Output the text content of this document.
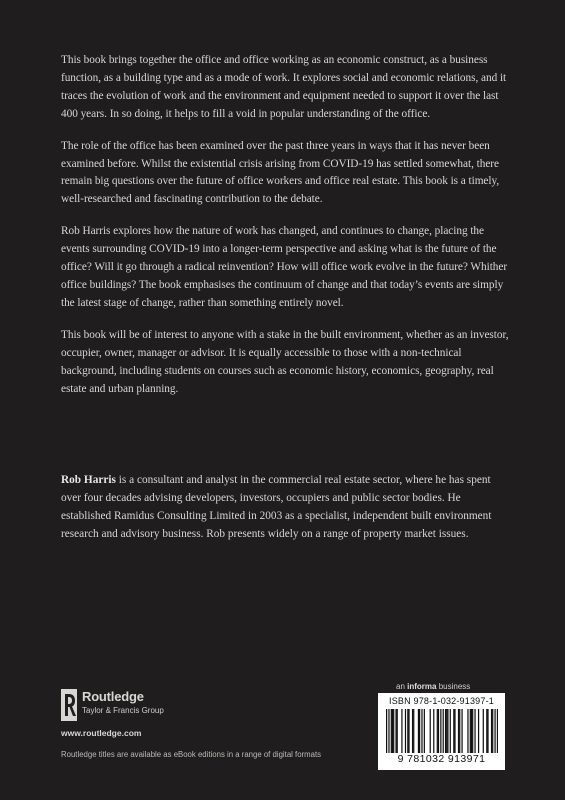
This book brings together the office and office working as an economic construct, as a business function, as a building type and as a mode of work. It explores social and economic relations, and it traces the evolution of work and the environment and equipment needed to support it over the last 400 years. In so doing, it helps to fill a void in popular understanding of the office.

The role of the office has been examined over the past three years in ways that it has never been examined before. Whilst the existential crisis arising from COVID-19 has settled somewhat, there remain big questions over the future of office workers and office real estate. This book is a timely, well-researched and fascinating contribution to the debate.

Rob Harris explores how the nature of work has changed, and continues to change, placing the events surrounding COVID-19 into a longer-term perspective and asking what is the future of the office? Will it go through a radical reinvention? How will office work evolve in the future? Whither office buildings? The book emphasises the continuum of change and that today’s events are simply the latest stage of change, rather than something entirely novel.

This book will be of interest to anyone with a stake in the built environment, whether as an investor, occupier, owner, manager or advisor. It is equally accessible to those with a non-technical background, including students on courses such as economic history, economics, geography, real estate and urban planning.

Rob Harris is a consultant and analyst in the commercial real estate sector, where he has spent over four decades advising developers, investors, occupiers and public sector bodies. He established Ramidus Consulting Limited in 2003 as a specialist, independent built environment research and advisory business. Rob presents widely on a range of property market issues.

Routledge
Taylor & Francis Group
www.routledge.com
Routledge titles are available as eBook editions in a range of digital formats
an informa business
ISBN 978-1-032-91397-1
9 781032 913971
